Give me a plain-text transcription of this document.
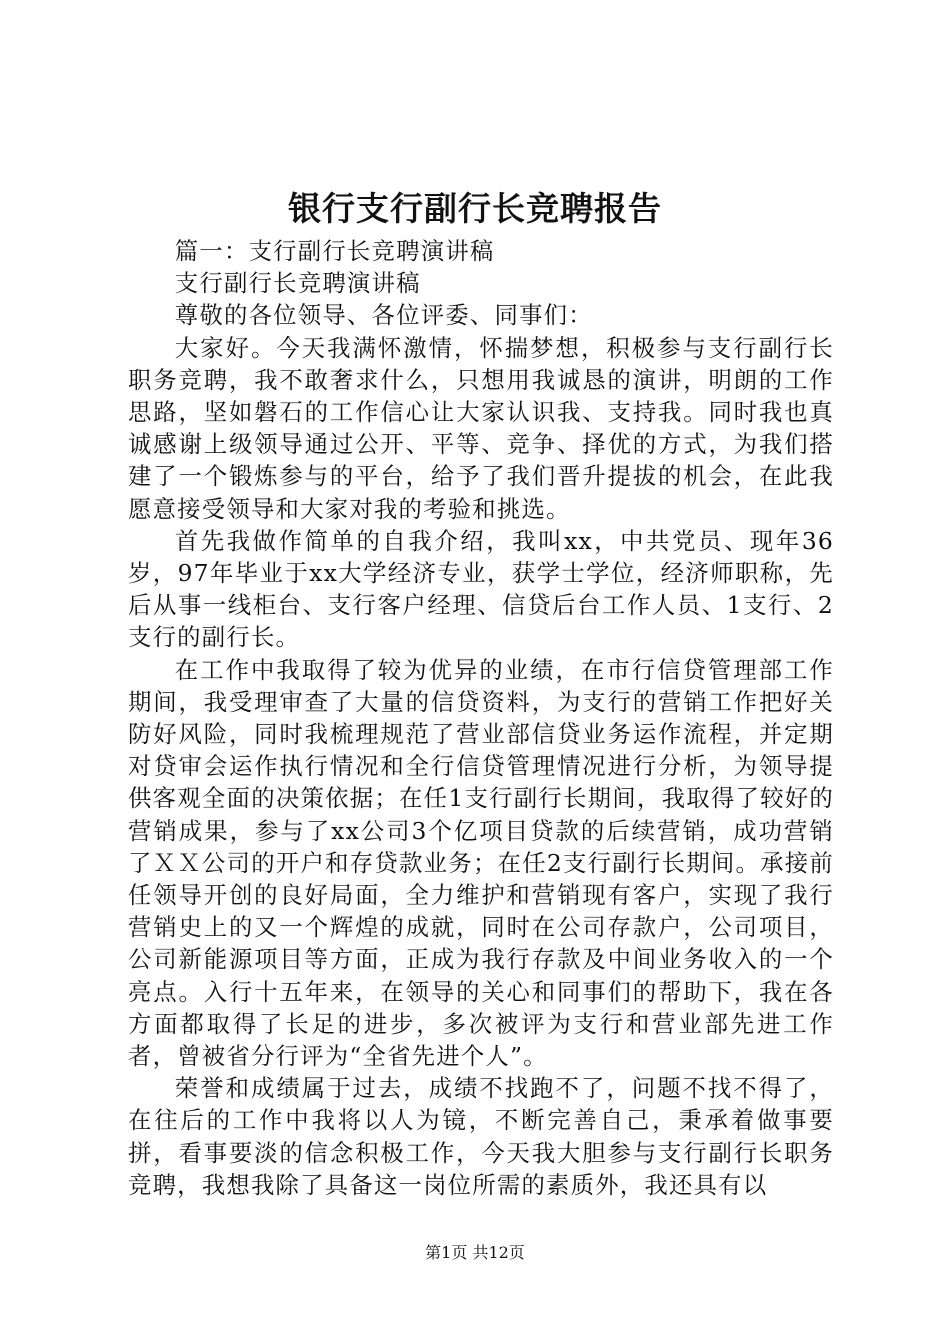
银行支行副行长竞聘报告

篇一：支行副行长竞聘演讲稿

支行副行长竞聘演讲稿

尊敬的各位领导、各位评委、同事们：

大家好。今天我满怀激情，怀揣梦想，积极参与支行副行长职务竞聘，我不敢奢求什么，只想用我诚恳的演讲，明朗的工作思路，坚如磐石的工作信心让大家认识我、支持我。同时我也真诚感谢上级领导通过公开、平等、竞争、择优的方式，为我们搭建了一个锻炼参与的平台，给予了我们晋升提拔的机会，在此我愿意接受领导和大家对我的考验和挑选。

首先我做作简单的自我介绍，我叫xx，中共党员、现年36岁，97年毕业于xx大学经济专业，获学士学位，经济师职称，先后从事一线柜台、支行客户经理、信贷后台工作人员、1支行、2支行的副行长。

在工作中我取得了较为优异的业绩，在市行信贷管理部工作期间，我受理审查了大量的信贷资料，为支行的营销工作把好关防好风险，同时我梳理规范了营业部信贷业务运作流程，并定期对贷审会运作执行情况和全行信贷管理情况进行分析，为领导提供客观全面的决策依据；在任1支行副行长期间，我取得了较好的营销成果，参与了xx公司3个亿项目贷款的后续营销，成功营销了ＸＸ公司的开户和存贷款业务；在任2支行副行长期间。承接前任领导开创的良好局面，全力维护和营销现有客户，实现了我行营销史上的又一个辉煌的成就，同时在公司存款户，公司项目，公司新能源项目等方面，正成为我行存款及中间业务收入的一个亮点。入行十五年来，在领导的关心和同事们的帮助下，我在各方面都取得了长足的进步，多次被评为支行和营业部先进工作者，曾被省分行评为“全省先进个人”。

荣誉和成绩属于过去，成绩不找跑不了，问题不找不得了，在往后的工作中我将以人为镜，不断完善自己，秉承着做事要拼，看事要淡的信念积极工作，今天我大胆参与支行副行长职务竞聘，我想我除了具备这一岗位所需的素质外，我还具有以

第1页 共12页
